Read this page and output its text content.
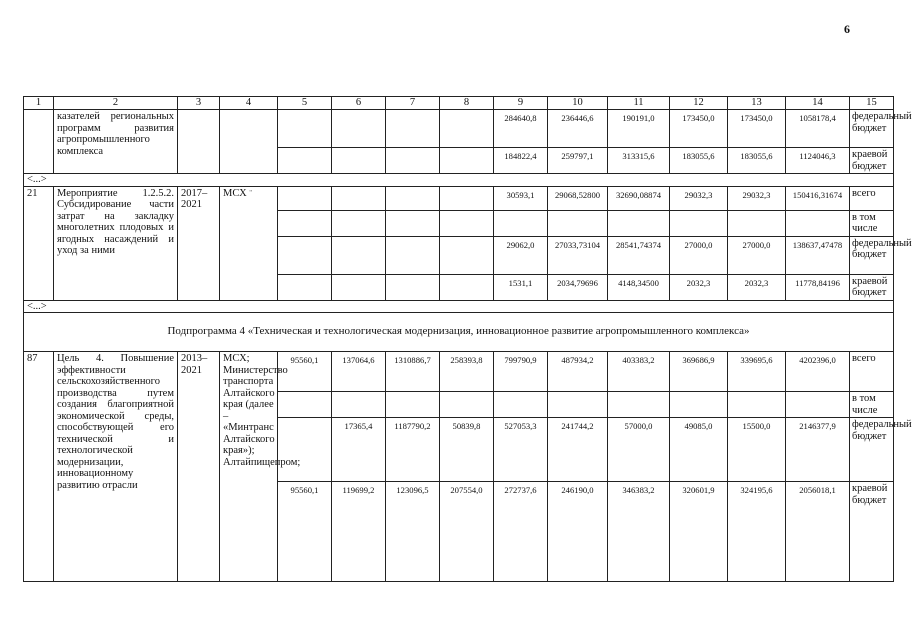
6
1	2	3	4	5	6	7	8	9	10	11	12	13	14	15
	казателей региональных программ развития агропромышленного комплекса							284640,8	236446,6	190191,0	173450,0	173450,0	1058178,4	федеральный бюджет
								184822,4	259797,1	313315,6	183055,6	183055,6	1124046,3	краевой бюджет
<...>														
21	Мероприятие 1.2.5.2. Субсидирование части затрат на закладку многолетних плодовых и ягодных насаждений и уход за ними	2017–2021	МСХ "					30593,1	29068,52800	32690,08874	29032,3	29032,3	150416,31674	всего
														в том числе
								29062,0	27033,73104	28541,74374	27000,0	27000,0	138637,47478	федеральный бюджет
								1531,1	2034,79696	4148,34500	2032,3	2032,3	11778,84196	краевой бюджет
<...>														
Подпрограмма 4 «Техническая и технологическая модернизация, инновационное развитие агропромышленного комплекса»														
87	Цель 4. Повышение эффективности сельскохозяйственного производства путем создания благоприятной экономической среды, способствующей его технической и технологической модернизации, инновационному развитию отрасли	2013–2021	МСХ; Министерство транспорта Алтайского края (далее – «Минтранс Алтайского края»); Алтайпищепром;	95560,1	137064,6	1310886,7	258393,8	799790,9	487934,2	403383,2	369686,9	339695,6	4202396,0	всего
														в том числе
					17365,4	1187790,2	50839,8	527053,3	241744,2	57000,0	49085,0	15500,0	2146377,9	федеральный бюджет
				95560,1	119699,2	123096,5	207554,0	272737,6	246190,0	346383,2	320601,9	324195,6	2056018,1	краевой бюджет
